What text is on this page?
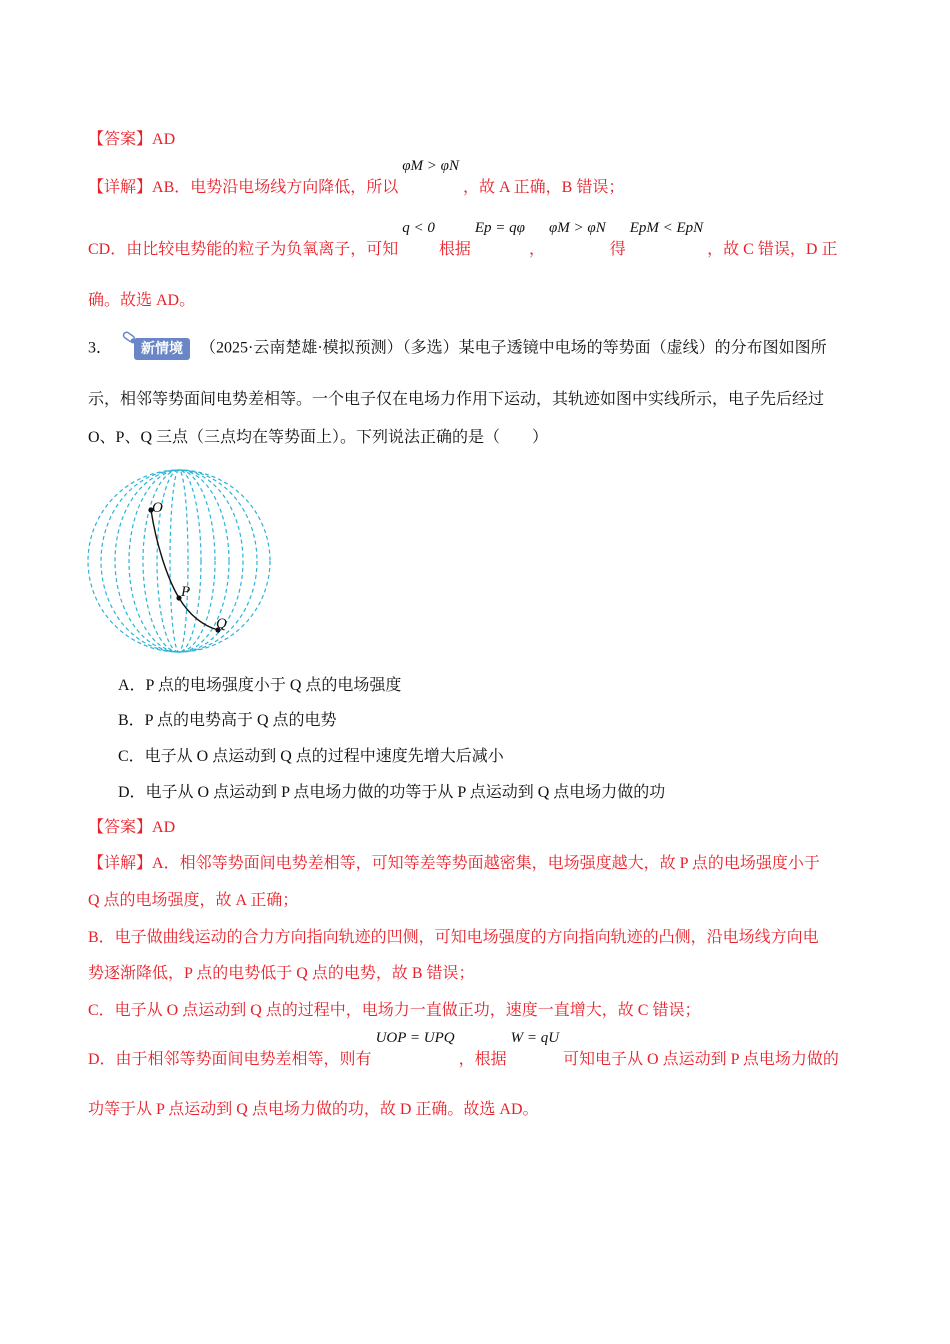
【答案】AD
【详解】AB．电势沿电场线方向降低，所以 φM > φN ，故 A 正确，B 错误；
CD．由比较电势能的粒子为负氧离子，可知 q < 0 根据 Ep = qφ ， φM > φN 得 EpM < EpN ，故 C 错误，D 正
确。故选 AD。
3．	新情境	（2025·云南楚雄·模拟预测）（多选）某电子透镜中电场的等势面（虚线）的分布图如图所
示，相邻等势面间电势差相等。一个电子仅在电场力作用下运动，其轨迹如图中实线所示，电子先后经过
O、P、Q 三点（三点均在等势面上）。下列说法正确的是（　　）
O
P
Q
A．P 点的电场强度小于 Q 点的电场强度
B．P 点的电势高于 Q 点的电势
C．电子从 O 点运动到 Q 点的过程中速度先增大后减小
D．电子从 O 点运动到 P 点电场力做的功等于从 P 点运动到 Q 点电场力做的功
【答案】AD
【详解】A．相邻等势面间电势差相等，可知等差等势面越密集，电场强度越大，故 P 点的电场强度小于
Q 点的电场强度，故 A 正确；
B．电子做曲线运动的合力方向指向轨迹的凹侧，可知电场强度的方向指向轨迹的凸侧，沿电场线方向电
势逐渐降低，P 点的电势低于 Q 点的电势，故 B 错误；
C．电子从 O 点运动到 Q 点的过程中，电场力一直做正功，速度一直增大，故 C 错误；
D．由于相邻等势面间电势差相等，则有 UOP = UPQ ，根据 W = qU 可知电子从 O 点运动到 P 点电场力做的
功等于从 P 点运动到 Q 点电场力做的功，故 D 正确。故选 AD。
